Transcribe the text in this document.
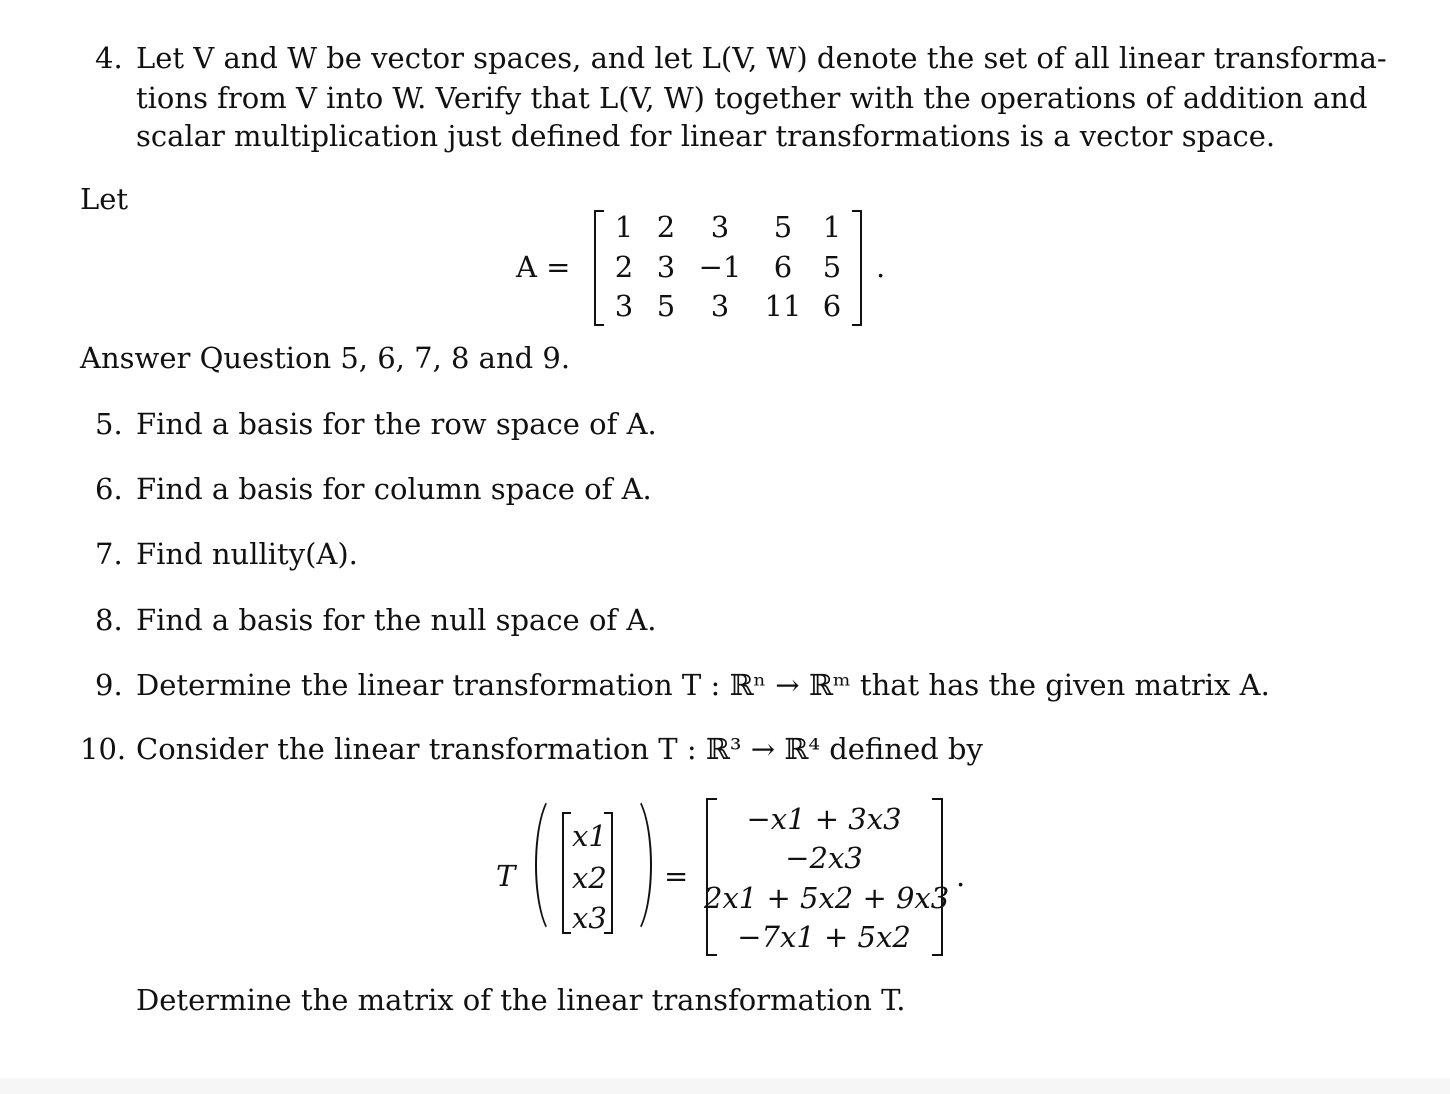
4. Let V and W be vector spaces, and let L(V, W) denote the set of all linear transforma-
tions from V into W. Verify that L(V, W) together with the operations of addition and
scalar multiplication just defined for linear transformations is a vector space.
Let
A =
1 2	3	5	1
2 3 −1	6	5
3 5	3	11 6
.
Answer Question 5, 6, 7, 8 and 9.
5. Find a basis for the row space of A.
6. Find a basis for column space of A.
7. Find nullity(A).
8. Find a basis for the null space of A.
9. Determine the linear transformation T : ℝⁿ → ℝᵐ that has the given matrix A.
10. Consider the linear transformation T : ℝ³ → ℝ⁴ defined by
T
x1
x2
x3
=
−x1 + 3x3
−2x3
2x1 + 5x2 + 9x3
−7x1 + 5x2
.
Determine the matrix of the linear transformation T.
